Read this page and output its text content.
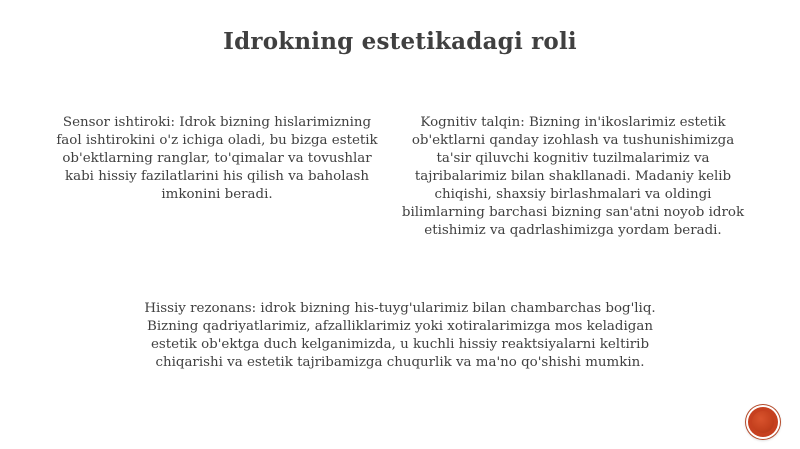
Idrokning estetikadagi roli

Sensor ishtiroki: Idrok bizning hislarimizning faol ishtirokini o'z ichiga oladi, bu bizga estetik ob'ektlarning ranglar, to'qimalar va tovushlar kabi hissiy fazilatlarini his qilish va baholash imkonini beradi.

Kognitiv talqin: Bizning in'ikoslarimiz estetik ob'ektlarni qanday izohlash va tushunishimizga ta'sir qiluvchi kognitiv tuzilmalarimiz va tajribalarimiz bilan shakllanadi. Madaniy kelib chiqishi, shaxsiy birlashmalari va oldingi bilimlarning barchasi bizning san'atni noyob idrok etishimiz va qadrlashimizga yordam beradi.

Hissiy rezonans: idrok bizning his-tuyg'ularimiz bilan chambarchas bog'liq. Bizning qadriyatlarimiz, afzalliklarimiz yoki xotiralarimizga mos keladigan estetik ob'ektga duch kelganimizda, u kuchli hissiy reaktsiyalarni keltirib chiqarishi va estetik tajribamizga chuqurlik va ma'no qo'shishi mumkin.
